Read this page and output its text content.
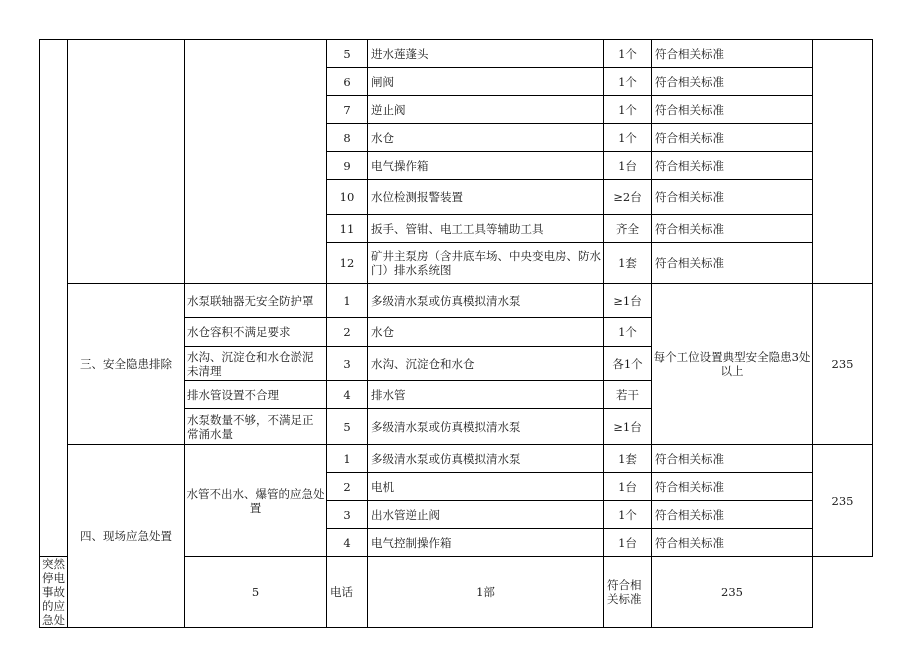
			5	进水莲蓬头	1个	符合相关标准	
			6	闸阀	1个	符合相关标准	
			7	逆止阀	1个	符合相关标准	
			8	水仓	1个	符合相关标准	
			9	电气操作箱	1台	符合相关标准	
			10	水位检测报警装置	≥2台	符合相关标准	
			11	扳手、管钳、电工工具等辅助工具	齐全	符合相关标准	
			12	矿井主泵房（含井底车场、中央变电房、防水门）排水系统图	1套	符合相关标准	
	三、安全隐患排除	水泵联轴器无安全防护罩	1	多级清水泵或仿真模拟清水泵	≥1台	每个工位设置典型安全隐患3处以上	235
		水仓容积不满足要求	2	水仓	1个		
		水沟、沉淀仓和水仓淤泥未清理	3	水沟、沉淀仓和水仓	各1个		
		排水管设置不合理	4	排水管	若干		
		水泵数量不够，不满足正常涌水量	5	多级清水泵或仿真模拟清水泵	≥1台		
	四、现场应急处置	水管不出水、爆管的应急处置	1	多级清水泵或仿真模拟清水泵	1套	符合相关标准	235
			2	电机	1台	符合相关标准	
			3	出水管逆止阀	1个	符合相关标准	
			4	电气控制操作箱	1台	符合相关标准	
突然停电事故的应急处		5	电话	1部	符合相关标准	235	
